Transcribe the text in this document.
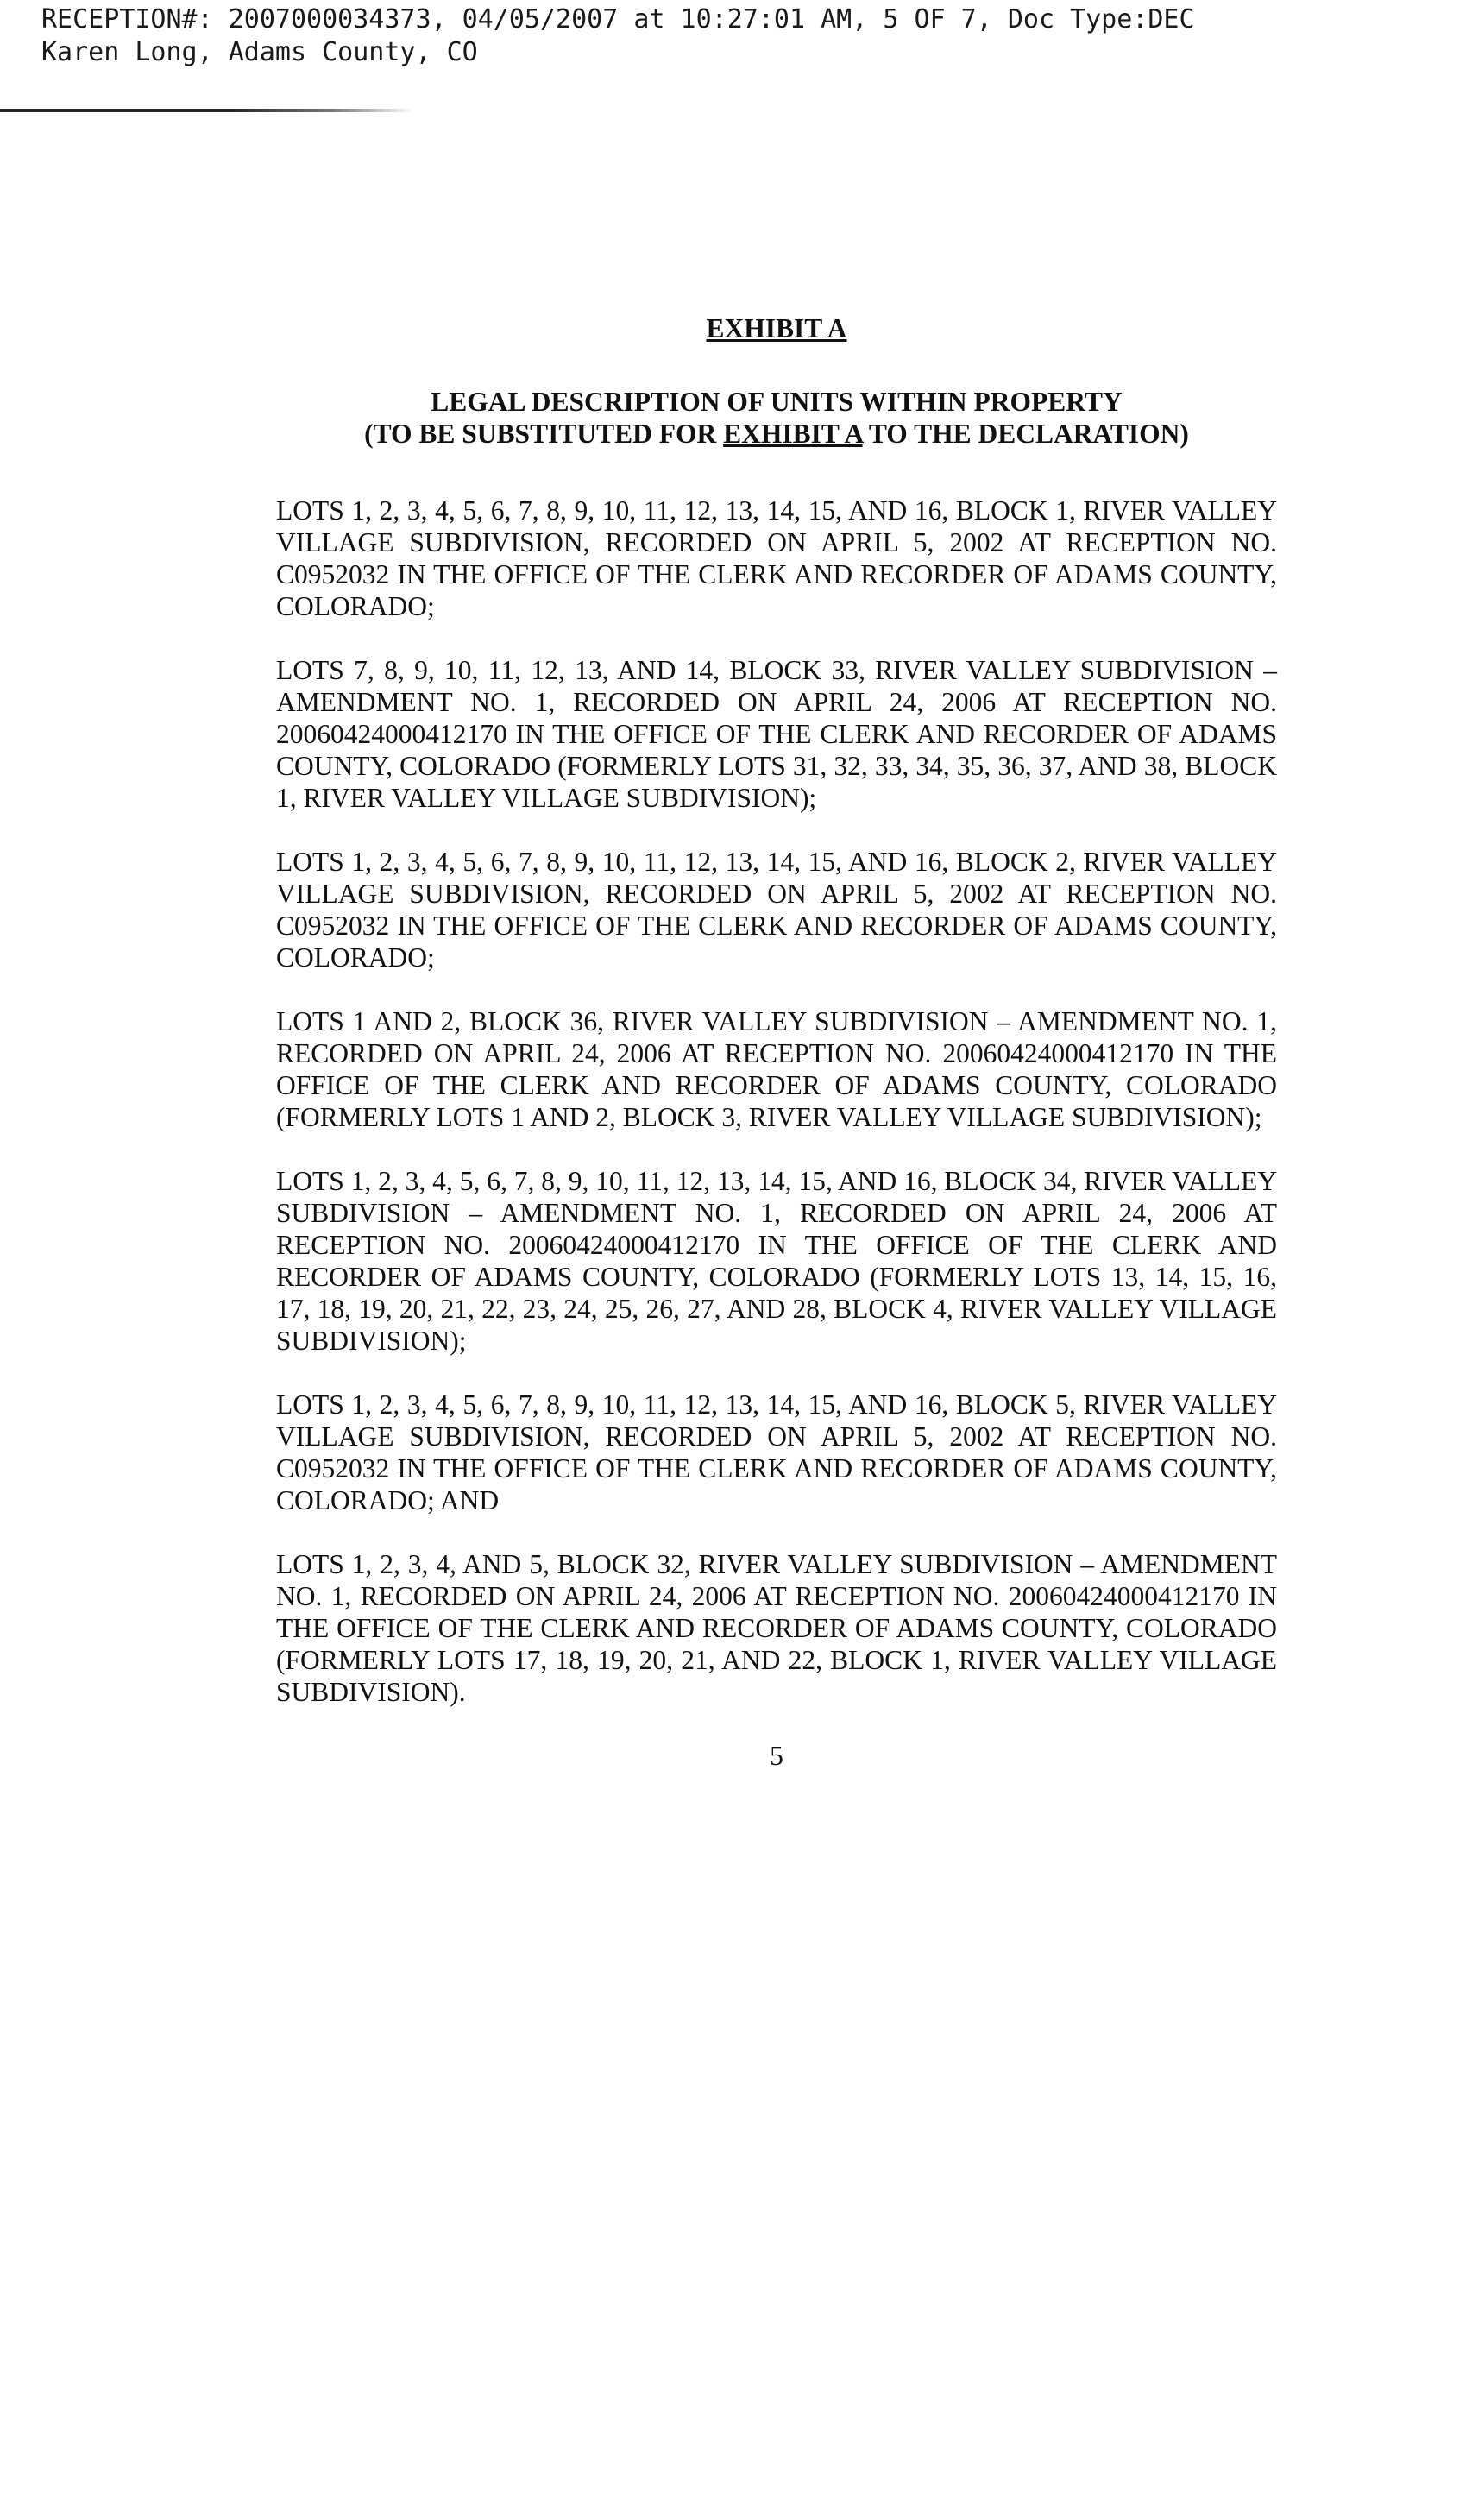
RECEPTION#: 2007000034373, 04/05/2007 at 10:27:01 AM, 5 OF 7, Doc Type:DEC
Karen Long, Adams County, CO
EXHIBIT A
LEGAL DESCRIPTION OF UNITS WITHIN PROPERTY
(TO BE SUBSTITUTED FOR EXHIBIT A TO THE DECLARATION)

LOTS 1, 2, 3, 4, 5, 6, 7, 8, 9, 10, 11, 12, 13, 14, 15, AND 16, BLOCK 1, RIVER VALLEY VILLAGE SUBDIVISION, RECORDED ON APRIL 5, 2002 AT RECEPTION NO. C0952032 IN THE OFFICE OF THE CLERK AND RECORDER OF ADAMS COUNTY, COLORADO;

LOTS 7, 8, 9, 10, 11, 12, 13, AND 14, BLOCK 33, RIVER VALLEY SUBDIVISION – AMENDMENT NO. 1, RECORDED ON APRIL 24, 2006 AT RECEPTION NO. 20060424000412170 IN THE OFFICE OF THE CLERK AND RECORDER OF ADAMS COUNTY, COLORADO (FORMERLY LOTS 31, 32, 33, 34, 35, 36, 37, AND 38, BLOCK 1, RIVER VALLEY VILLAGE SUBDIVISION);

LOTS 1, 2, 3, 4, 5, 6, 7, 8, 9, 10, 11, 12, 13, 14, 15, AND 16, BLOCK 2, RIVER VALLEY VILLAGE SUBDIVISION, RECORDED ON APRIL 5, 2002 AT RECEPTION NO. C0952032 IN THE OFFICE OF THE CLERK AND RECORDER OF ADAMS COUNTY, COLORADO;

LOTS 1 AND 2, BLOCK 36, RIVER VALLEY SUBDIVISION – AMENDMENT NO. 1, RECORDED ON APRIL 24, 2006 AT RECEPTION NO. 20060424000412170 IN THE OFFICE OF THE CLERK AND RECORDER OF ADAMS COUNTY, COLORADO (FORMERLY LOTS 1 AND 2, BLOCK 3, RIVER VALLEY VILLAGE SUBDIVISION);

LOTS 1, 2, 3, 4, 5, 6, 7, 8, 9, 10, 11, 12, 13, 14, 15, AND 16, BLOCK 34, RIVER VALLEY SUBDIVISION – AMENDMENT NO. 1, RECORDED ON APRIL 24, 2006 AT RECEPTION NO. 20060424000412170 IN THE OFFICE OF THE CLERK AND RECORDER OF ADAMS COUNTY, COLORADO (FORMERLY LOTS 13, 14, 15, 16, 17, 18, 19, 20, 21, 22, 23, 24, 25, 26, 27, AND 28, BLOCK 4, RIVER VALLEY VILLAGE SUBDIVISION);

LOTS 1, 2, 3, 4, 5, 6, 7, 8, 9, 10, 11, 12, 13, 14, 15, AND 16, BLOCK 5, RIVER VALLEY VILLAGE SUBDIVISION, RECORDED ON APRIL 5, 2002 AT RECEPTION NO. C0952032 IN THE OFFICE OF THE CLERK AND RECORDER OF ADAMS COUNTY, COLORADO; AND

LOTS 1, 2, 3, 4, AND 5, BLOCK 32, RIVER VALLEY SUBDIVISION – AMENDMENT NO. 1, RECORDED ON APRIL 24, 2006 AT RECEPTION NO. 20060424000412170 IN THE OFFICE OF THE CLERK AND RECORDER OF ADAMS COUNTY, COLORADO (FORMERLY LOTS 17, 18, 19, 20, 21, AND 22, BLOCK 1, RIVER VALLEY VILLAGE SUBDIVISION).

5
